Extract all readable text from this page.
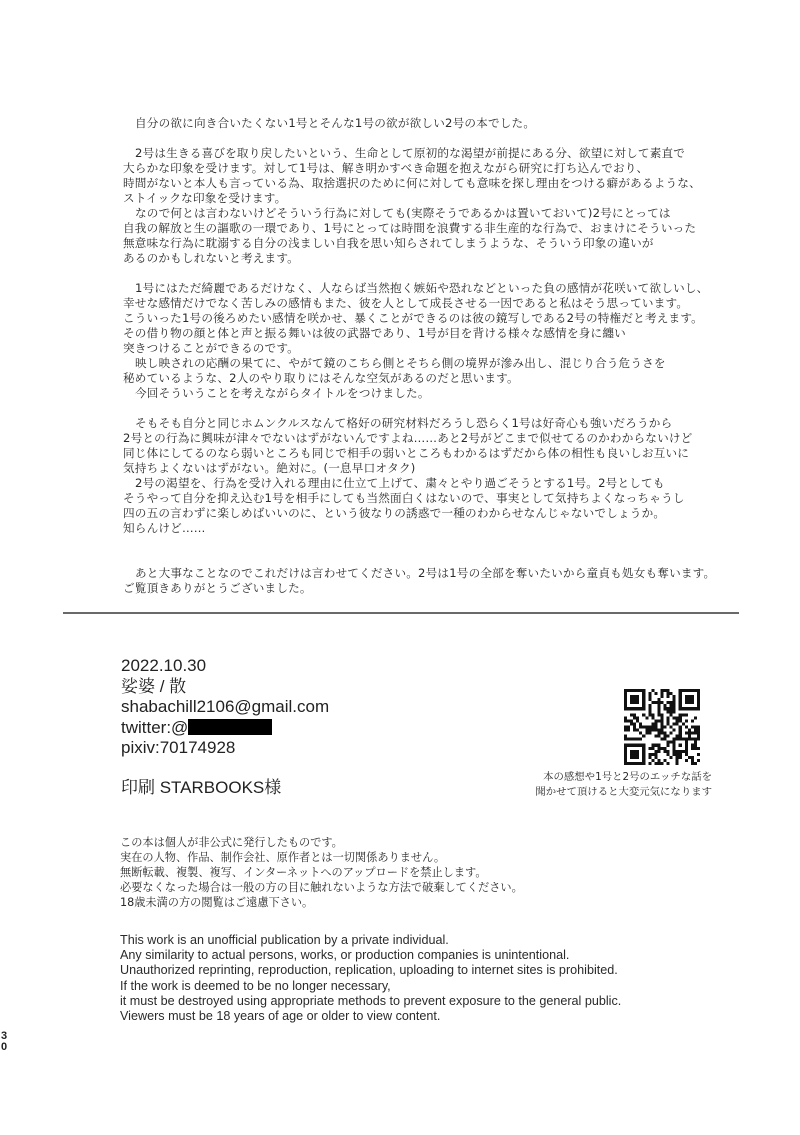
自分の欲に向き合いたくない1号とそんな1号の欲が欲しい2号の本でした。

2号は生きる喜びを取り戻したいという、生命として原初的な渇望が前提にある分、欲望に対して素直で

大らかな印象を受けます。対して1号は、解き明かすべき命題を抱えながら研究に打ち込んでおり、

時間がないと本人も言っている為、取捨選択のために何に対しても意味を探し理由をつける癖があるような、

ストイックな印象を受けます。

なので何とは言わないけどそういう行為に対しても(実際そうであるかは置いておいて)2号にとっては

自我の解放と生の謳歌の一環であり、1号にとっては時間を浪費する非生産的な行為で、おまけにそういった

無意味な行為に耽溺する自分の浅ましい自我を思い知らされてしまうような、そういう印象の違いが

あるのかもしれないと考えます。

1号にはただ綺麗であるだけなく、人ならば当然抱く嫉妬や恐れなどといった負の感情が花咲いて欲しいし、

幸せな感情だけでなく苦しみの感情もまた、彼を人として成長させる一因であると私はそう思っています。

こういった1号の後ろめたい感情を咲かせ、暴くことができるのは彼の鏡写しである2号の特権だと考えます。

その借り物の顔と体と声と振る舞いは彼の武器であり、1号が目を背ける様々な感情を身に纏い

突きつけることができるのです。

映し映されの応酬の果てに、やがて鏡のこちら側とそちら側の境界が滲み出し、混じり合う危うさを

秘めているような、2人のやり取りにはそんな空気があるのだと思います。

今回そういうことを考えながらタイトルをつけました。

そもそも自分と同じホムンクルスなんて格好の研究材料だろうし恐らく1号は好奇心も強いだろうから

2号との行為に興味が津々でないはずがないんですよね……あと2号がどこまで似せてるのかわからないけど

同じ体にしてるのなら弱いところも同じで相手の弱いところもわかるはずだから体の相性も良いしお互いに

気持ちよくないはずがない。絶対に。(一息早口オタク)

2号の渇望を、行為を受け入れる理由に仕立て上げて、粛々とやり過ごそうとする1号。2号としても

そうやって自分を抑え込む1号を相手にしても当然面白くはないので、事実として気持ちよくなっちゃうし

四の五の言わずに楽しめばいいのに、という彼なりの誘惑で一種のわからせなんじゃないでしょうか。

知らんけど……

あと大事なことなのでこれだけは言わせてください。2号は1号の全部を奪いたいから童貞も処女も奪います。

ご覧頂きありがとうございました。

2022.10.30
娑婆 / 散
shabachill2106@gmail.com
twitter:@
pixiv:70174928
印刷 STARBOOKS様
本の感想や1号と2号のエッチな話を
聞かせて頂けると大変元気になります
この本は個人が非公式に発行したものです。
実在の人物、作品、制作会社、原作者とは一切関係ありません。
無断転載、複製、複写、インターネットへのアップロードを禁止します。
必要なくなった場合は一般の方の目に触れないような方法で破棄してください。
18歳未満の方の閲覧はご遠慮下さい。
This work is an unofficial publication by a private individual.
Any similarity to actual persons, works, or production companies is unintentional.
Unauthorized reprinting, reproduction, replication, uploading to internet sites is prohibited.
If the work is deemed to be no longer necessary,
it must be destroyed using appropriate methods to prevent exposure to the general public.
Viewers must be 18 years of age or older to view content.
3
0
